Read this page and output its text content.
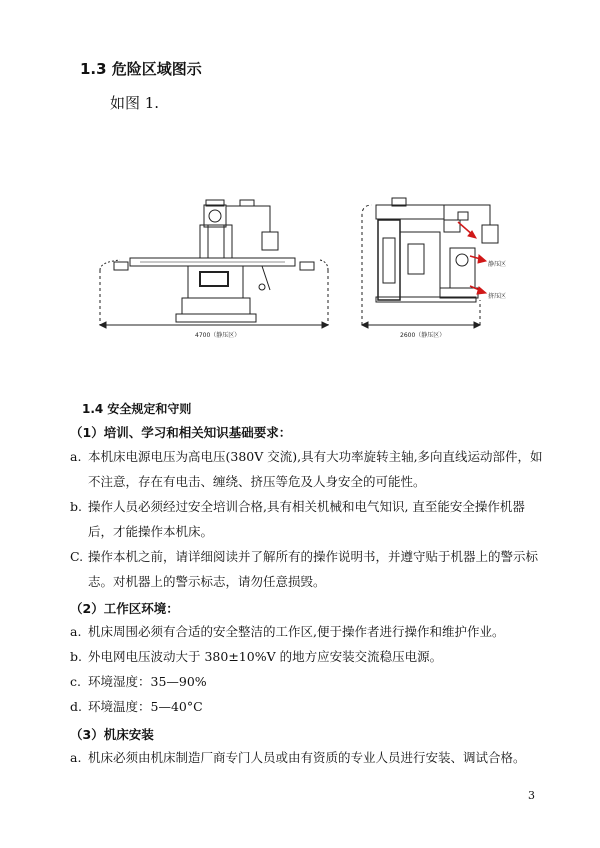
1.3 危险区域图示
如图 1.
4700（静压区）
静压区
挤压区
2600（静压区）
1.4 安全规定和守则
（1）培训、学习和相关知识基础要求：
a. 本机床电源电压为高电压(380V 交流),具有大功率旋转主轴,多向直线运动部件，如
不注意，存在有电击、缠绕、挤压等危及人身安全的可能性。
b. 操作人员必须经过安全培训合格,具有相关机械和电气知识, 直至能安全操作机器
后，才能操作本机床。
C. 操作本机之前，请详细阅读并了解所有的操作说明书，并遵守贴于机器上的警示标
志。对机器上的警示标志，请勿任意损毁。
（2）工作区环境：
a. 机床周围必须有合适的安全整洁的工作区,便于操作者进行操作和维护作业。
b. 外电网电压波动大于 380±10%V 的地方应安装交流稳压电源。
c. 环境湿度：35—90%
d. 环境温度：5—40°C
（3）机床安装
a. 机床必须由机床制造厂商专门人员或由有资质的专业人员进行安装、调试合格。
3
